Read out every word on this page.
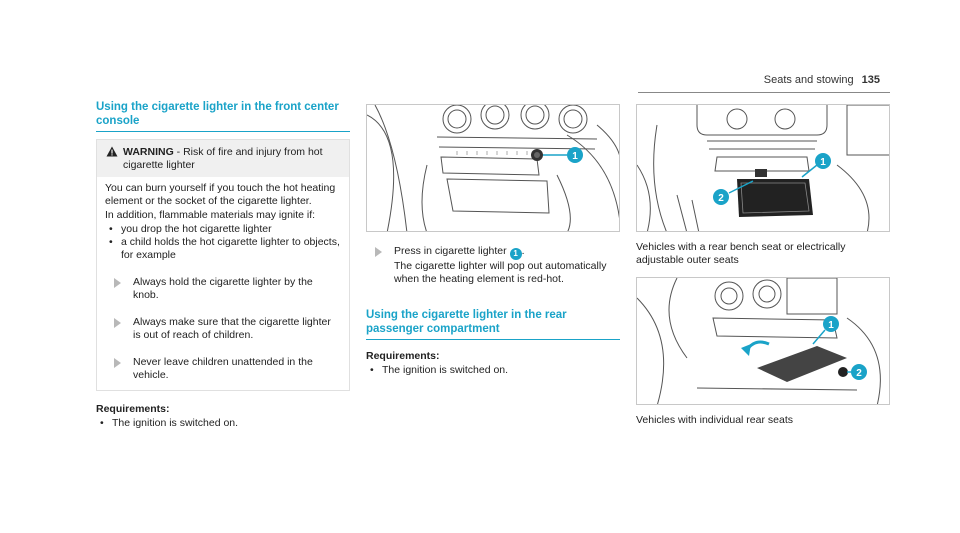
Seats and stowing 135
Using the cigarette lighter in the front center console
WARNING - Risk of fire and injury from hot cigarette lighter

You can burn yourself if you touch the hot heating element or the socket of the cigarette lighter.

In addition, flammable materials may ignite if:

• you drop the hot cigarette lighter
• a child holds the hot cigarette lighter to objects, for example
Always hold the cigarette lighter by the knob.
Always make sure that the cigarette lighter is out of reach of children.
Never leave children unattended in the vehicle.
Requirements:
• The ignition is switched on.
1
Press in cigarette lighter 1 .
The cigarette lighter will pop out automatically when the heating element is red-hot.
Using the cigarette lighter in the rear passenger compartment
Requirements:
• The ignition is switched on.
1
2
Vehicles with a rear bench seat or electrically adjustable outer seats
1
2
Vehicles with individual rear seats
